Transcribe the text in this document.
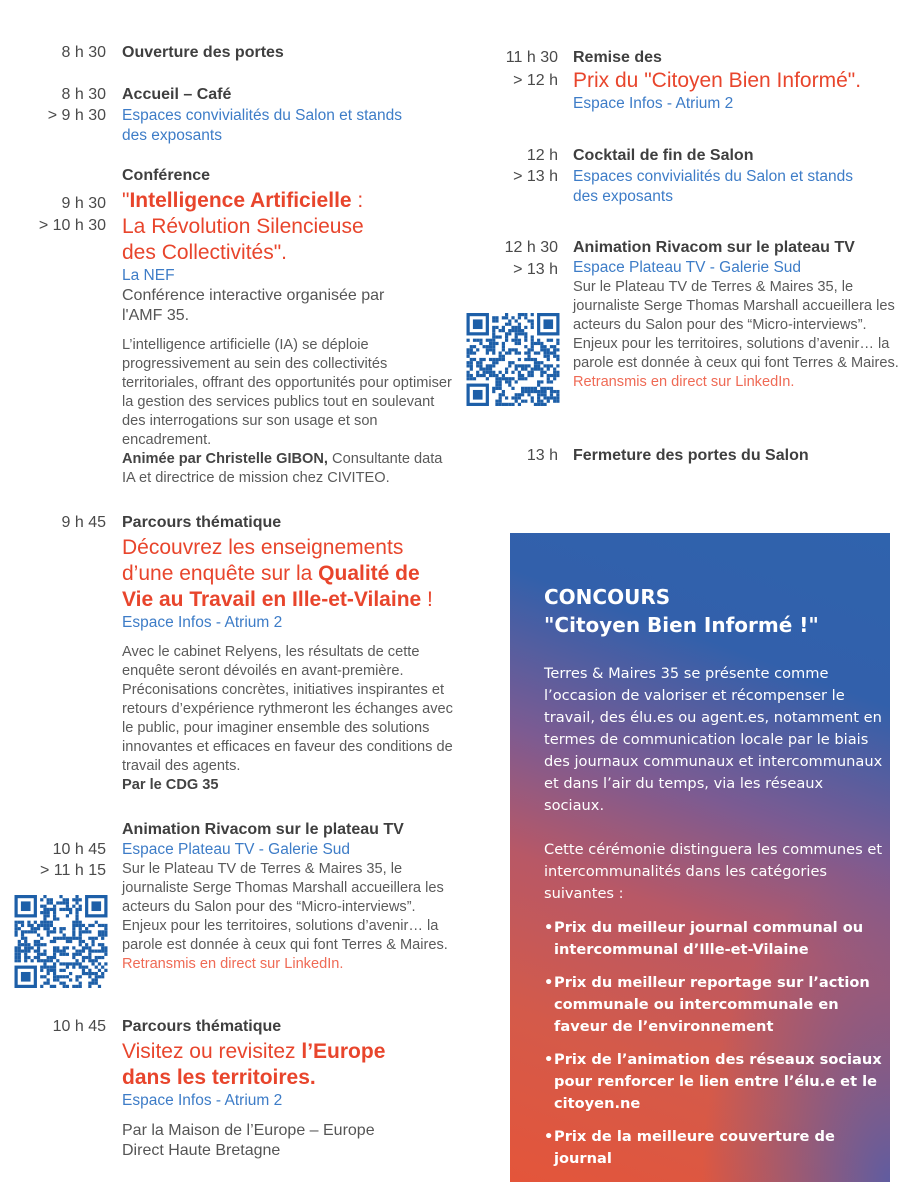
8 h 30 Ouverture des portes
8 h 30
> 9 h 30
Accueil – Café
Espaces convivialités du Salon et stands
des exposants
Conférence
"Intelligence Artificielle :
La Révolution Silencieuse
des Collectivités".
La NEF
Conférence interactive organisée par
l'AMF 35.
L’intelligence artificielle (IA) se déploie progressivement au sein des collectivités territoriales, offrant des opportunités pour optimiser la gestion des services publics tout en soulevant des interrogations sur son usage et son encadrement.
Animée par Christelle GIBON, Consultante data IA et directrice de mission chez CIVITEO.
9 h 30
> 10 h 30
9 h 45 Parcours thématique
Découvrez les enseignements
d’une enquête sur la Qualité de
Vie au Travail en Ille-et-Vilaine !
Espace Infos - Atrium 2
Avec le cabinet Relyens, les résultats de cette enquête seront dévoilés en avant-première. Préconisations concrètes, initiatives inspirantes et retours d’expérience rythmeront les échanges avec le public, pour imaginer ensemble des solutions innovantes et efficaces en faveur des conditions de travail des agents.
Par le CDG 35
Animation Rivacom sur le plateau TV
Espace Plateau TV - Galerie Sud
Sur le Plateau TV de Terres & Maires 35, le journaliste Serge Thomas Marshall accueillera les acteurs du Salon pour des “Micro-interviews”. Enjeux pour les territoires, solutions d’avenir… la parole est donnée à ceux qui font Terres & Maires.
Retransmis en direct sur LinkedIn.
10 h 45
> 11 h 15
10 h 45 Parcours thématique
Visitez ou revisitez l’Europe
dans les territoires.
Espace Infos - Atrium 2
Par la Maison de l’Europe – Europe
Direct Haute Bretagne
11 h 30
> 12 h
Remise des
Prix du "Citoyen Bien Informé".
Espace Infos - Atrium 2
12 h
> 13 h
Cocktail de fin de Salon
Espaces convivialités du Salon et stands
des exposants
12 h 30
> 13 h
Animation Rivacom sur le plateau TV
Espace Plateau TV - Galerie Sud
Sur le Plateau TV de Terres & Maires 35, le journaliste Serge Thomas Marshall accueillera les acteurs du Salon pour des “Micro-interviews”. Enjeux pour les territoires, solutions d’avenir… la parole est donnée à ceux qui font Terres & Maires.
Retransmis en direct sur LinkedIn.
13 h Fermeture des portes du Salon
CONCOURS
"Citoyen Bien Informé !"
Terres & Maires 35 se présente comme l’occasion de valoriser et récompenser le travail, des élu.es ou agent.es, notamment en termes de communication locale par le biais des journaux communaux et intercommunaux et dans l’air du temps, via les réseaux sociaux.
Cette cérémonie distinguera les communes et intercommunalités dans les catégories suivantes :
• Prix du meilleur journal communal ou intercommunal d’Ille-et-Vilaine
• Prix du meilleur reportage sur l’action communale ou intercommunale en faveur de l’environnement
• Prix de l’animation des réseaux sociaux pour renforcer le lien entre l’élu.e et le citoyen.ne
• Prix de la meilleure couverture de journal
